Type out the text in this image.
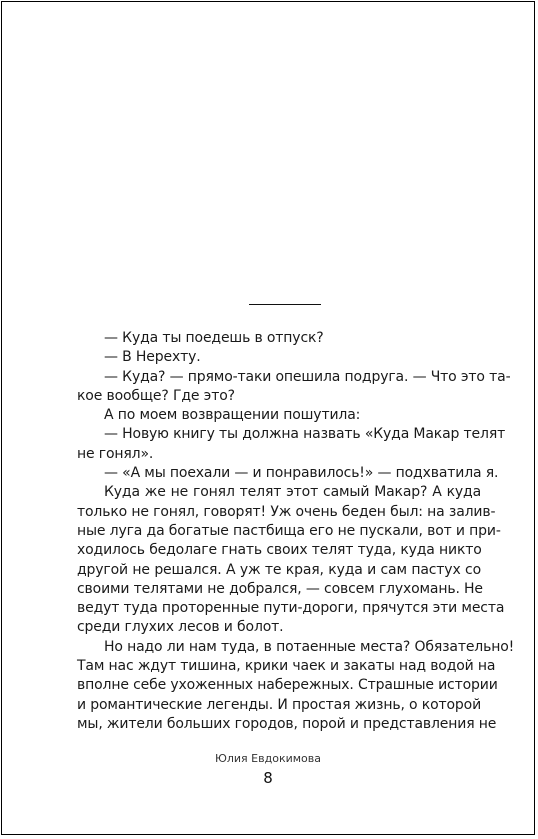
— Куда ты поедешь в отпуск?
— В Нерехту.
— Куда? — прямо-таки опешила подруга. — Что это та-
кое вообще? Где это?
А по моем возвращении пошутила:
— Новую книгу ты должна назвать «Куда Макар телят
не гонял».
— «А мы поехали — и понравилось!» — подхватила я.
Куда же не гонял телят этот самый Макар? А куда
только не гонял, говорят! Уж очень беден был: на залив-
ные луга да богатые пастбища его не пускали, вот и при-
ходилось бедолаге гнать своих телят туда, куда никто
другой не решался. А уж те края, куда и сам пастух со
своими телятами не добрался, — совсем глухомань. Не
ведут туда проторенные пути-дороги, прячутся эти места
среди глухих лесов и болот.
Но надо ли нам туда, в потаенные места? Обязательно!
Там нас ждут тишина, крики чаек и закаты над водой на
вполне себе ухоженных набережных. Страшные истории
и романтические легенды. И простая жизнь, о которой
мы, жители больших городов, порой и представления не
Юлия Евдокимова
8
